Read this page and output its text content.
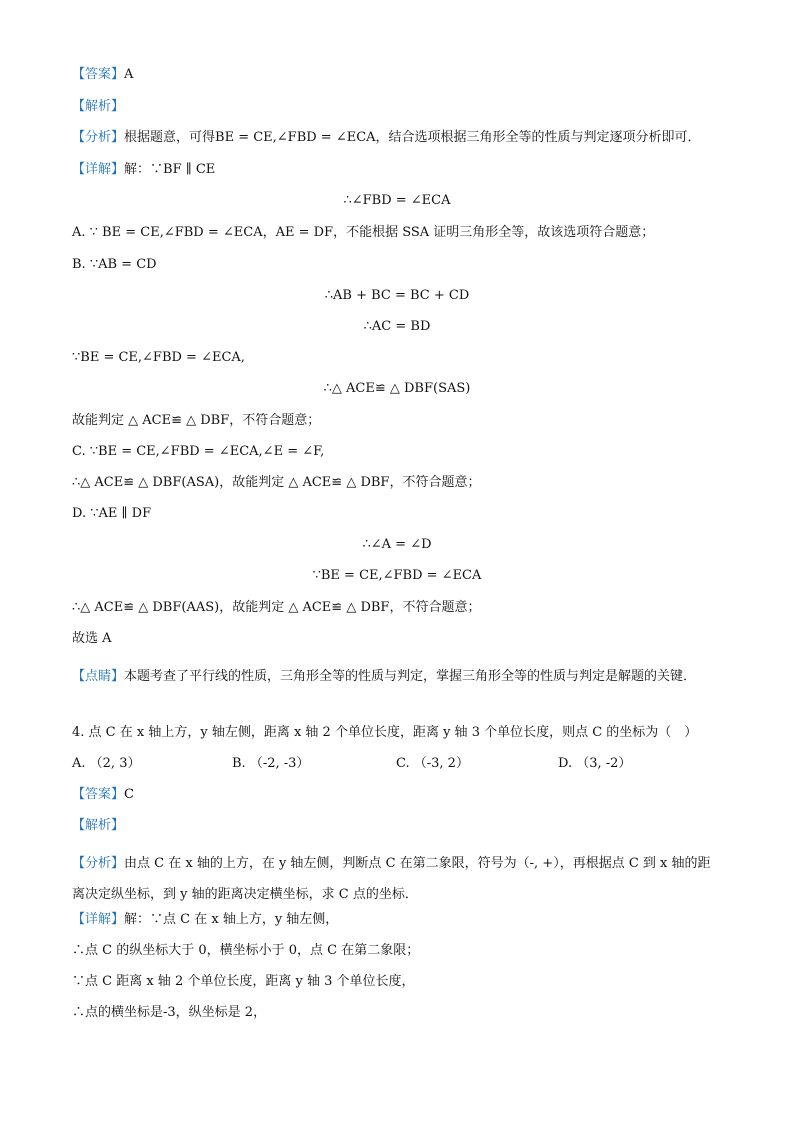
【答案】A
【解析】
【分析】根据题意，可得BE = CE,∠FBD = ∠ECA，结合选项根据三角形全等的性质与判定逐项分析即可．
【详解】解：∵BF ∥ CE
∴∠FBD = ∠ECA
A. ∵ BE = CE,∠FBD = ∠ECA，AE = DF，不能根据 SSA 证明三角形全等，故该选项符合题意；
B. ∵AB = CD
∴AB + BC = BC + CD
∴AC = BD
∵BE = CE,∠FBD = ∠ECA,
∴△ ACE≌ △ DBF(SAS)
故能判定 △ ACE≌ △ DBF，不符合题意；
C. ∵BE = CE,∠FBD = ∠ECA,∠E = ∠F,
∴△ ACE≌ △ DBF(ASA)，故能判定 △ ACE≌ △ DBF，不符合题意；
D. ∵AE ∥ DF
∴∠A = ∠D
∵BE = CE,∠FBD = ∠ECA
∴△ ACE≌ △ DBF(AAS)，故能判定 △ ACE≌ △ DBF，不符合题意；
故选 A
【点睛】本题考查了平行线的性质，三角形全等的性质与判定，掌握三角形全等的性质与判定是解题的关键．
4. 点 C 在 x 轴上方，y 轴左侧，距离 x 轴 2 个单位长度，距离 y 轴 3 个单位长度，则点 C 的坐标为（　）
A. （2, 3）	B. （-2, -3）	C. （-3, 2）	D. （3, -2）
【答案】C
【解析】
【分析】由点 C 在 x 轴的上方，在 y 轴左侧，判断点 C 在第二象限，符号为（-, +），再根据点 C 到 x 轴的距离决定纵坐标，到 y 轴的距离决定横坐标，求 C 点的坐标．
【详解】解：∵点 C 在 x 轴上方，y 轴左侧，
∴点 C 的纵坐标大于 0，横坐标小于 0，点 C 在第二象限；
∵点 C 距离 x 轴 2 个单位长度，距离 y 轴 3 个单位长度，
∴点的横坐标是-3，纵坐标是 2，
